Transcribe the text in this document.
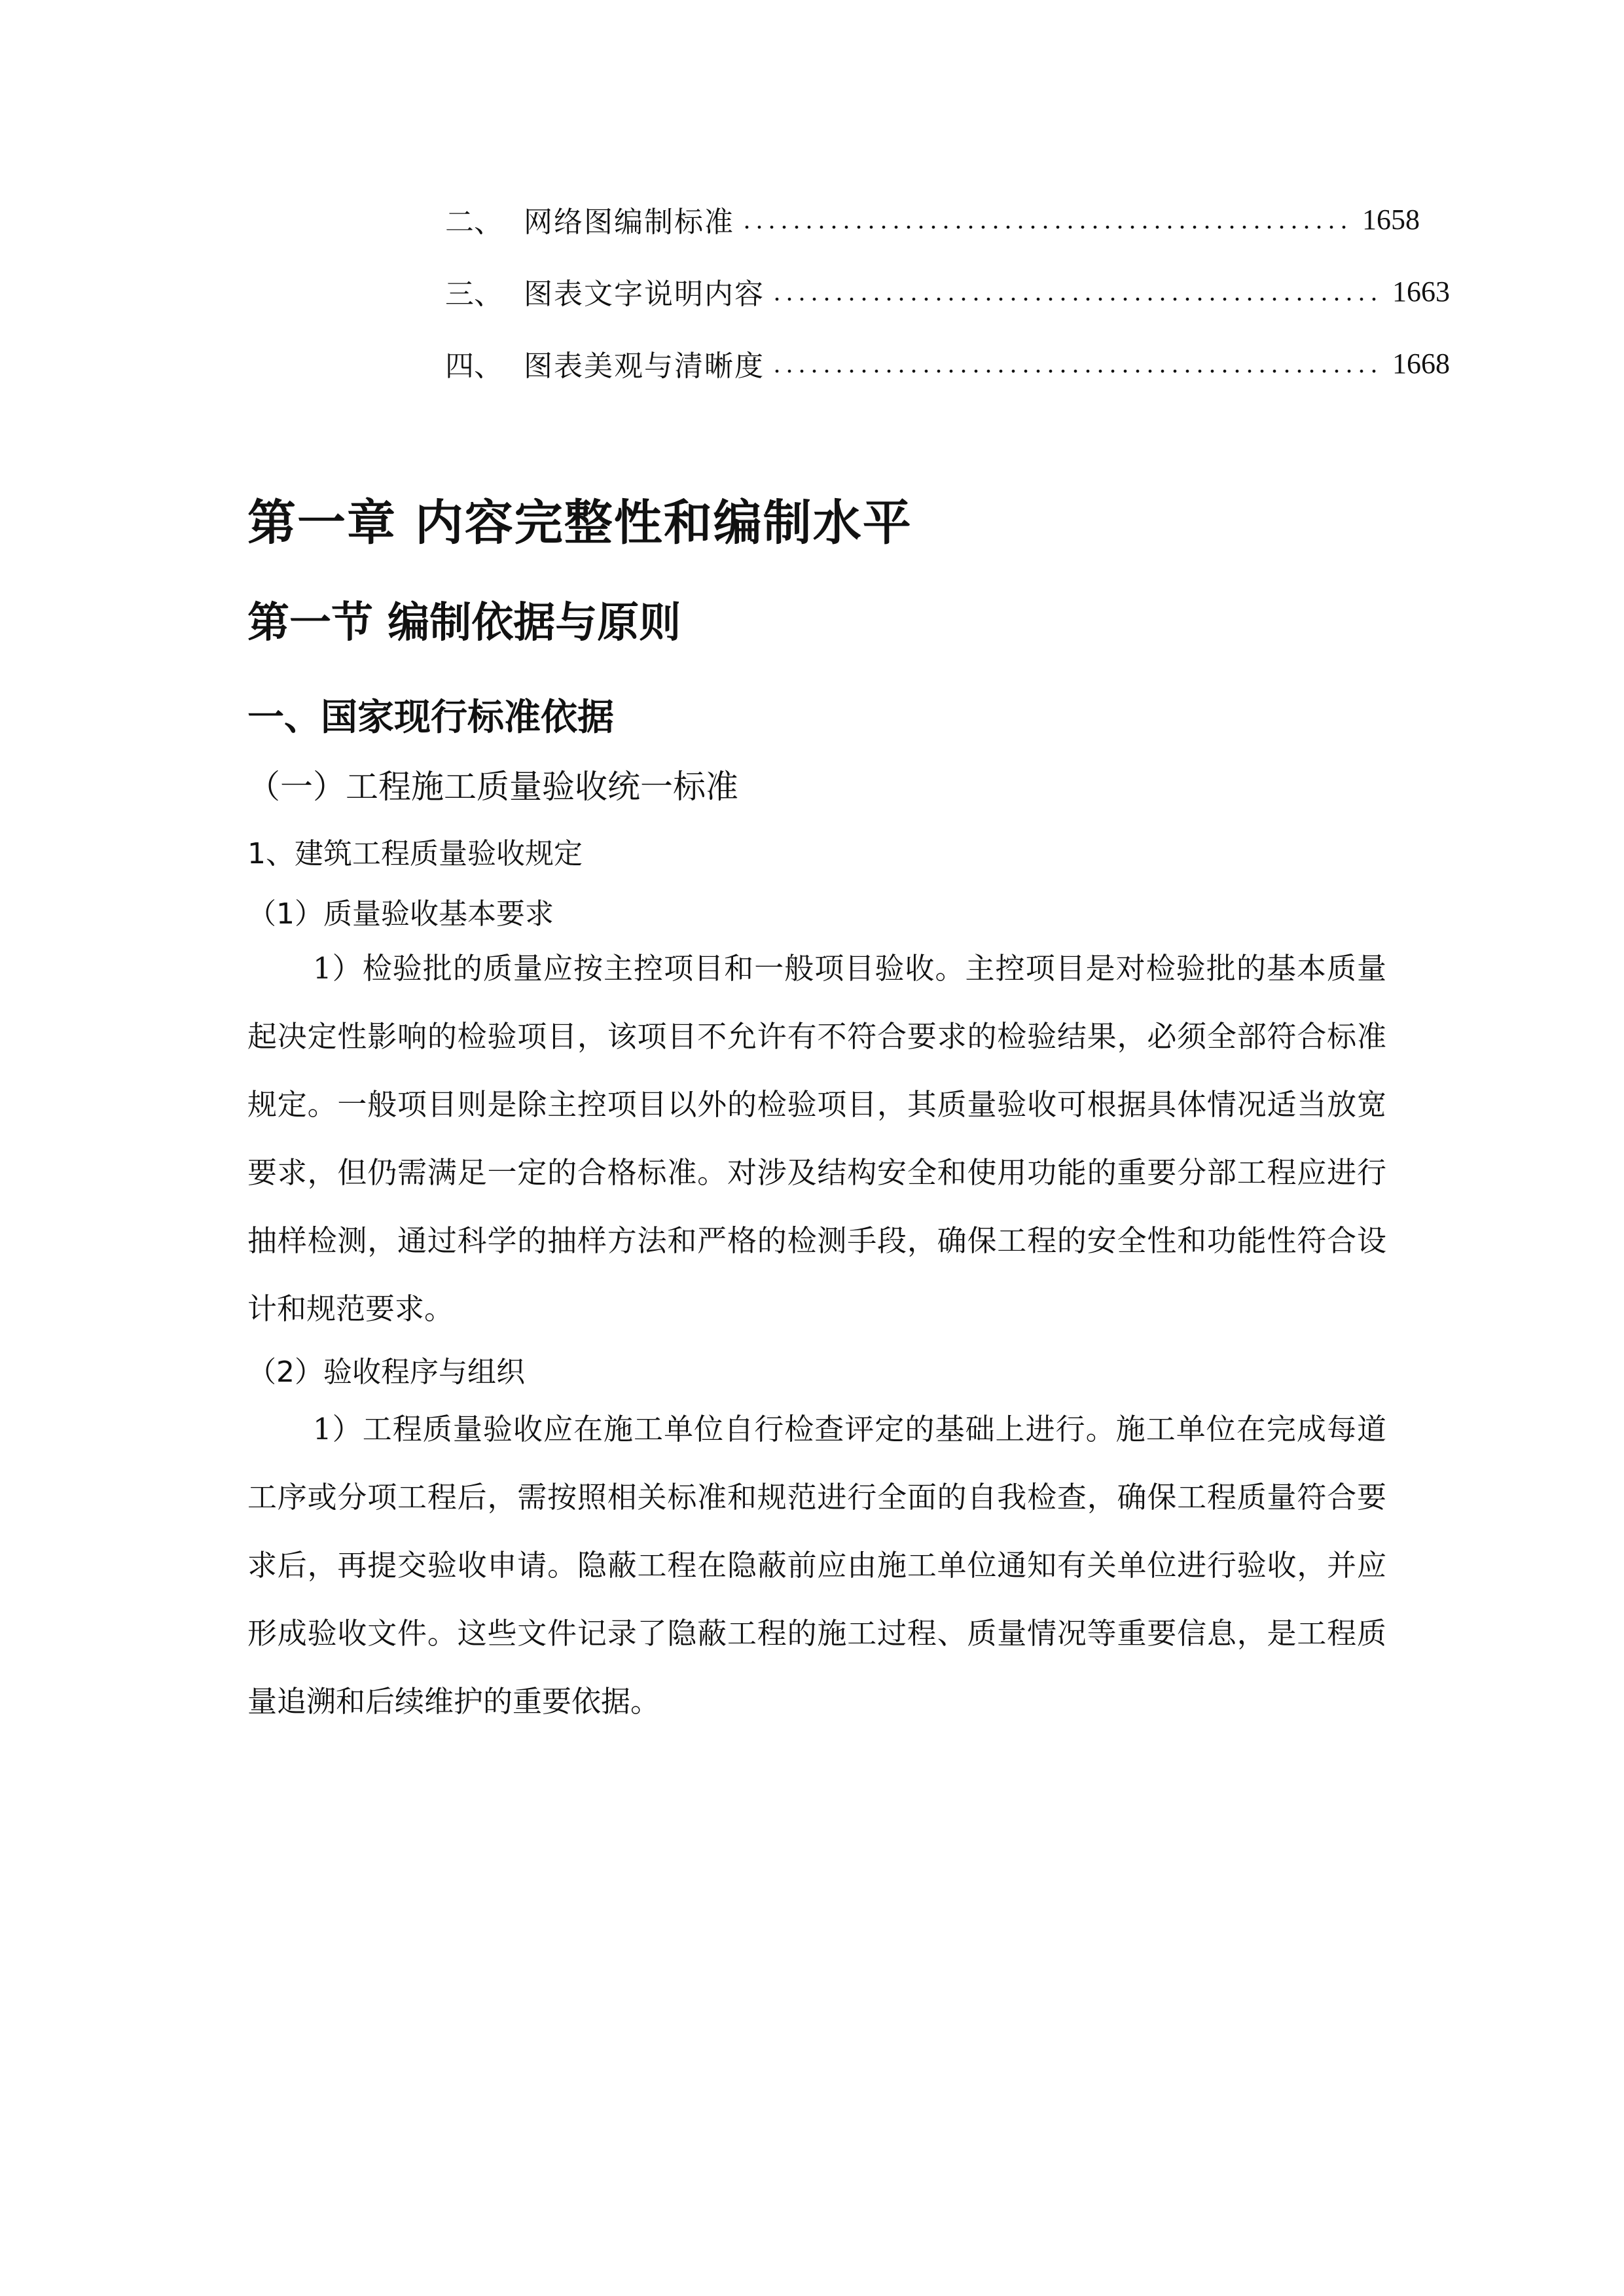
二、 网络图编制标准 ................................................. 1658
三、 图表文字说明内容 ................................................. 1663
四、 图表美观与清晰度 ................................................. 1668
第一章 内容完整性和编制水平
第一节 编制依据与原则
一、国家现行标准依据
（一）工程施工质量验收统一标准
1、建筑工程质量验收规定
（1）质量验收基本要求

1）检验批的质量应按主控项目和一般项目验收。主控项目是对检验批的基本质量起决定性影响的检验项目，该项目不允许有不符合要求的检验结果，必须全部符合标准规定。一般项目则是除主控项目以外的检验项目，其质量验收可根据具体情况适当放宽要求，但仍需满足一定的合格标准。对涉及结构安全和使用功能的重要分部工程应进行抽样检测，通过科学的抽样方法和严格的检测手段，确保工程的安全性和功能性符合设计和规范要求。

（2）验收程序与组织

1）工程质量验收应在施工单位自行检查评定的基础上进行。施工单位在完成每道工序或分项工程后，需按照相关标准和规范进行全面的自我检查，确保工程质量符合要求后，再提交验收申请。隐蔽工程在隐蔽前应由施工单位通知有关单位进行验收，并应形成验收文件。这些文件记录了隐蔽工程的施工过程、质量情况等重要信息，是工程质量追溯和后续维护的重要依据。
